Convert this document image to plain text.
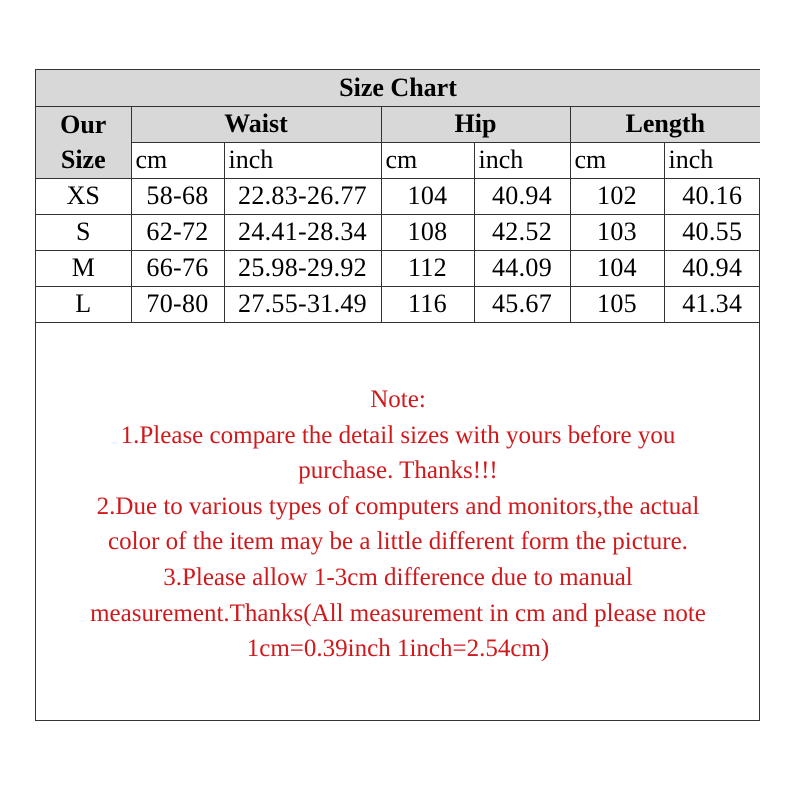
Size Chart						
Our
Size	Waist		Hip		Length	
	cm	inch	cm	inch	cm	inch
XS	58-68	22.83-26.77	104	40.94	102	40.16
S	62-72	24.41-28.34	108	42.52	103	40.55
M	66-76	25.98-29.92	112	44.09	104	40.94
L	70-80	27.55-31.49	116	45.67	105	41.34
Note:
1.Please compare the detail sizes with yours before you
purchase. Thanks!!!
2.Due to various types of computers and monitors,the actual
color of the item may be a little different form the picture.
3.Please allow 1-3cm difference due to manual
measurement.Thanks(All measurement in cm and please note
1cm=0.39inch 1inch=2.54cm)
